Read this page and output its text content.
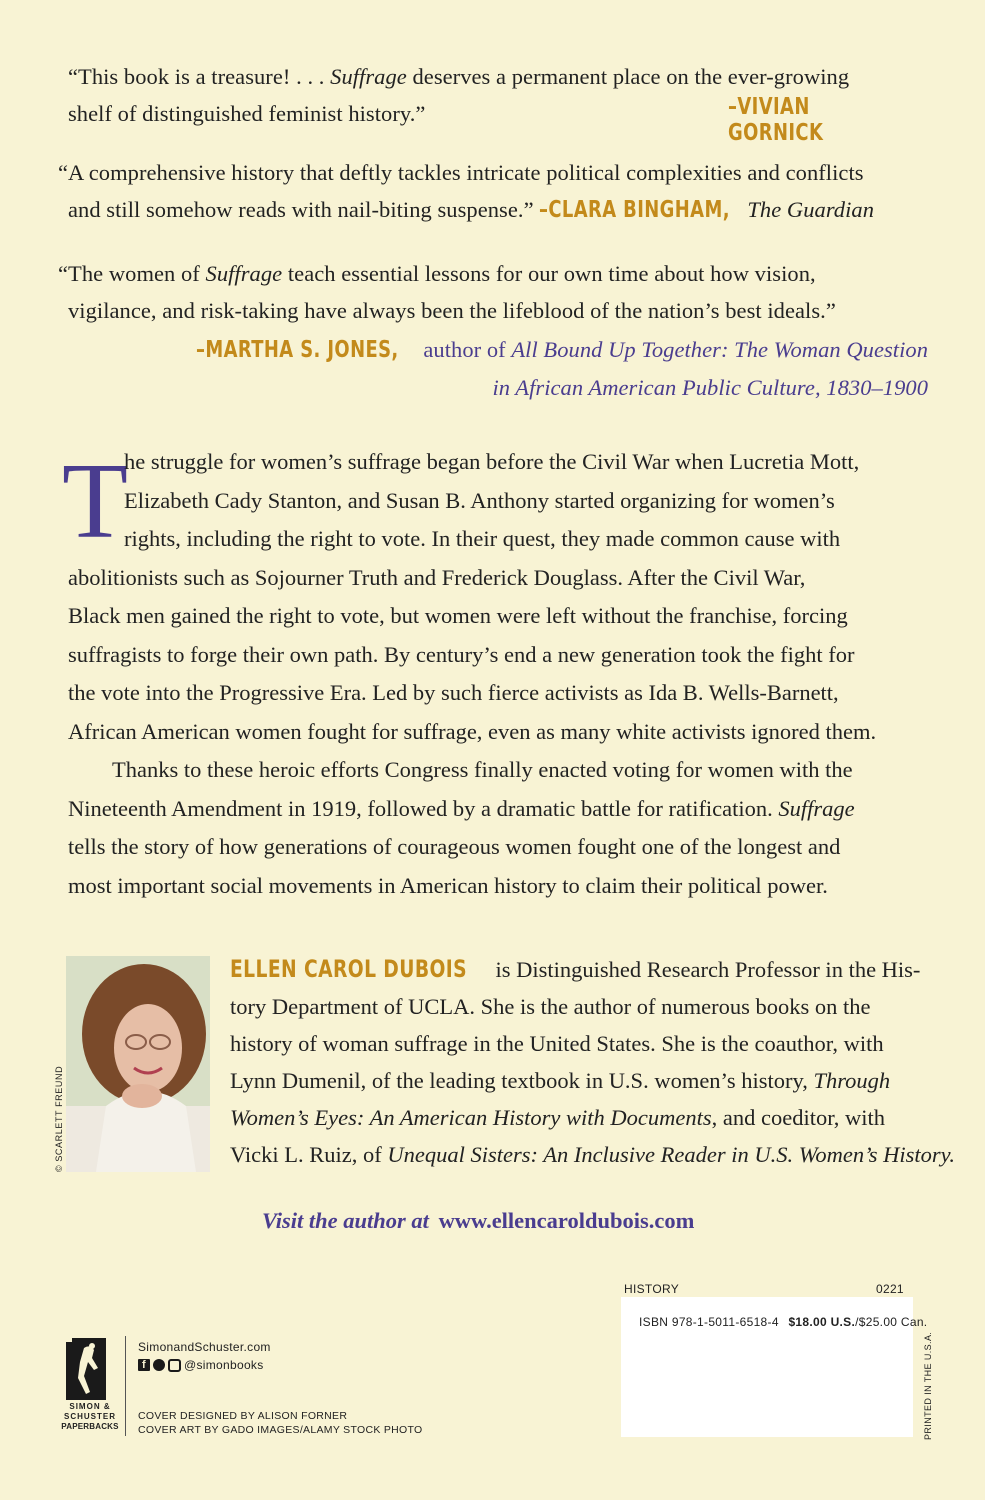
“This book is a treasure! . . . Suffrage deserves a permanent place on the ever-growing
shelf of distinguished feminist history.”	–VIVIAN GORNICK
“A comprehensive history that deftly tackles intricate political complexities and conflicts
and still somehow reads with nail-biting suspense.” –CLARA BINGHAM, The Guardian
“The women of Suffrage teach essential lessons for our own time about how vision,
vigilance, and risk-taking have always been the lifeblood of the nation’s best ideals.”
–MARTHA S. JONES, author of All Bound Up Together: The Woman Question
in African American Public Culture, 1830–1900
T
he struggle for women’s suffrage began before the Civil War when Lucretia Mott,
Elizabeth Cady Stanton, and Susan B. Anthony started organizing for women’s
rights, including the right to vote. In their quest, they made common cause with
abolitionists such as Sojourner Truth and Frederick Douglass. After the Civil War,
Black men gained the right to vote, but women were left without the franchise, forcing
suffragists to forge their own path. By century’s end a new generation took the fight for
the vote into the Progressive Era. Led by such fierce activists as Ida B. Wells-Barnett,
African American women fought for suffrage, even as many white activists ignored them.
Thanks to these heroic efforts Congress finally enacted voting for women with the
Nineteenth Amendment in 1919, followed by a dramatic battle for ratification. Suffrage
tells the story of how generations of courageous women fought one of the longest and
most important social movements in American history to claim their political power.
© SCARLETT FREUND
ELLEN CAROL DUBOIS is Distinguished Research Professor in the His-
tory Department of UCLA. She is the author of numerous books on the
history of woman suffrage in the United States. She is the coauthor, with
Lynn Dumenil, of the leading textbook in U.S. women’s history, Through
Women’s Eyes: An American History with Documents, and coeditor, with
Vicki L. Ruiz, of Unequal Sisters: An Inclusive Reader in U.S. Women’s History.
Visit the author at www.ellencaroldubois.com
HISTORY	0221
ISBN 978-1-5011-6518-4 $18.00 U.S./$25.00 Can.
PRINTED IN THE U.S.A.
SIMON &
SCHUSTER
PAPERBACKS
SimonandSchuster.com
f	@simonbooks
COVER DESIGNED BY ALISON FORNER
COVER ART BY GADO IMAGES/ALAMY STOCK PHOTO
